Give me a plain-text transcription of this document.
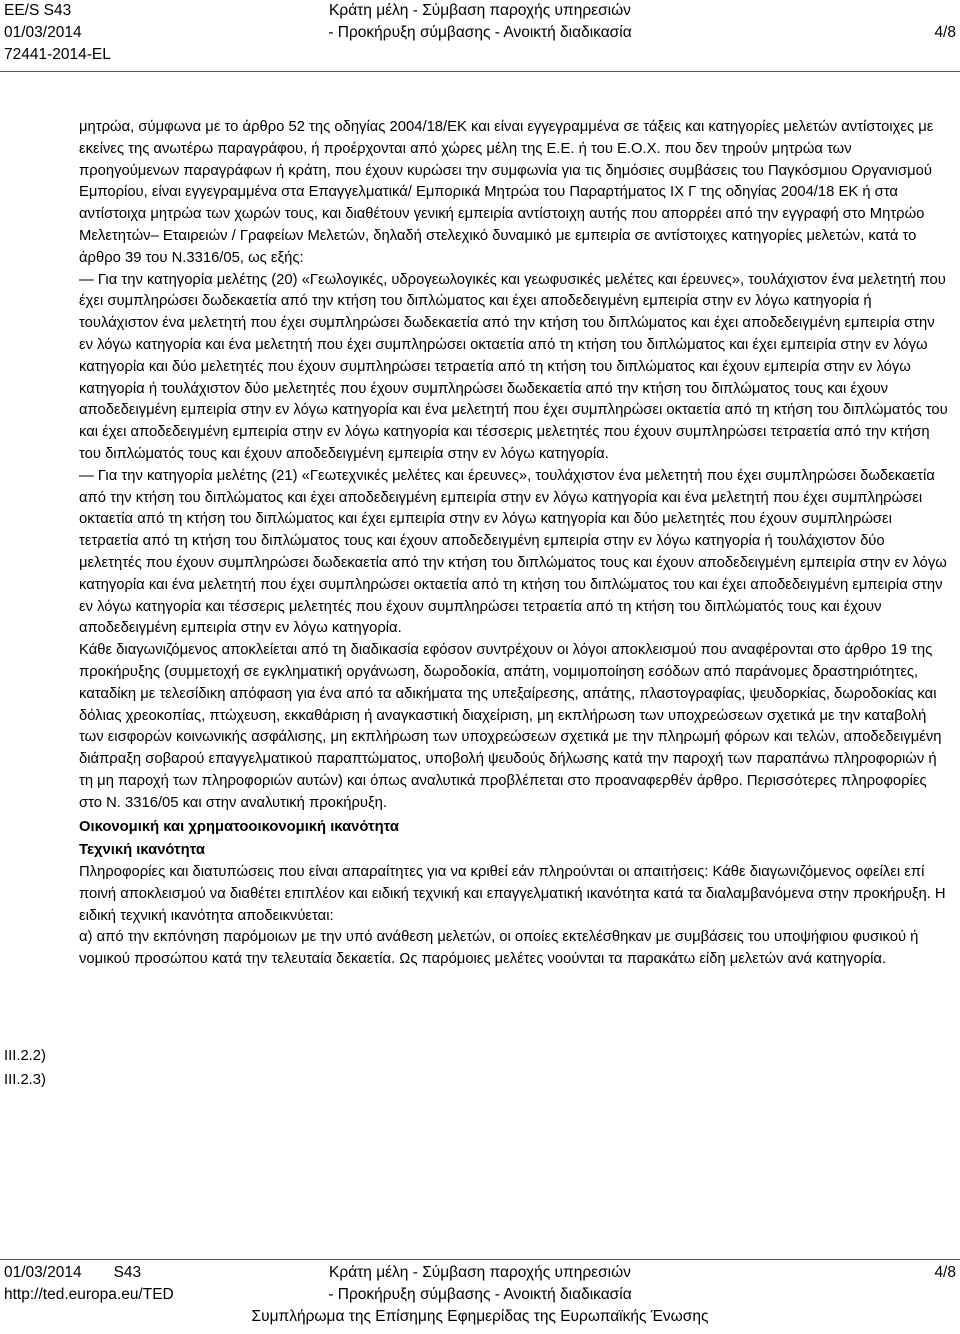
EE/S S43
01/03/2014
72441-2014-EL
Κράτη μέλη - Σύμβαση παροχής υπηρεσιών
- Προκήρυξη σύμβασης - Ανοικτή διαδικασία	4/8

μητρώα, σύμφωνα με το άρθρο 52 της οδηγίας 2004/18/ΕΚ και είναι εγγεγραμμένα σε τάξεις και κατηγορίες μελετών αντίστοιχες με εκείνες της ανωτέρω παραγράφου, ή προέρχονται από χώρες μέλη της Ε.Ε. ή του Ε.Ο.Χ. που δεν τηρούν μητρώα των προηγούμενων παραγράφων ή κράτη, που έχουν κυρώσει την συμφωνία για τις δημόσιες συμβάσεις του Παγκόσμιου Οργανισμού Εμπορίου, είναι εγγεγραμμένα στα Επαγγελματικά/ Εμπορικά Μητρώα του Παραρτήματος IX Γ της οδηγίας 2004/18 ΕΚ ή στα αντίστοιχα μητρώα των χωρών τους, και διαθέτουν γενική εμπειρία αντίστοιχη αυτής που απορρέει από την εγγραφή στο Μητρώο Μελετητών– Εταιρειών / Γραφείων Μελετών, δηλαδή στελεχικό δυναμικό με εμπειρία σε αντίστοιχες κατηγορίες μελετών, κατά το άρθρο 39 του Ν.3316/05, ως εξής:

— Για την κατηγορία μελέτης (20) «Γεωλογικές, υδρογεωλογικές και γεωφυσικές μελέτες και έρευνες», τουλάχιστον ένα μελετητή που έχει συμπληρώσει δωδεκαετία από την κτήση του διπλώματος και έχει αποδεδειγμένη εμπειρία στην εν λόγω κατηγορία ή τουλάχιστον ένα μελετητή που έχει συμπληρώσει δωδεκαετία από την κτήση του διπλώματος και έχει αποδεδειγμένη εμπειρία στην εν λόγω κατηγορία και ένα μελετητή που έχει συμπληρώσει οκταετία από τη κτήση του διπλώματος και έχει εμπειρία στην εν λόγω κατηγορία και δύο μελετητές που έχουν συμπληρώσει τετραετία από τη κτήση του διπλώματος και έχουν εμπειρία στην εν λόγω κατηγορία ή τουλάχιστον δύο μελετητές που έχουν συμπληρώσει δωδεκαετία από την κτήση του διπλώματος τους και έχουν αποδεδειγμένη εμπειρία στην εν λόγω κατηγορία και ένα μελετητή που έχει συμπληρώσει οκταετία από τη κτήση του διπλώματός του και έχει αποδεδειγμένη εμπειρία στην εν λόγω κατηγορία και τέσσερις μελετητές που έχουν συμπληρώσει τετραετία από την κτήση του διπλώματός τους και έχουν αποδεδειγμένη εμπειρία στην εν λόγω κατηγορία.

— Για την κατηγορία μελέτης (21) «Γεωτεχνικές μελέτες και έρευνες», τουλάχιστον ένα μελετητή που έχει συμπληρώσει δωδεκαετία από την κτήση του διπλώματος και έχει αποδεδειγμένη εμπειρία στην εν λόγω κατηγορία και ένα μελετητή που έχει συμπληρώσει οκταετία από τη κτήση του διπλώματος και έχει εμπειρία στην εν λόγω κατηγορία και δύο μελετητές που έχουν συμπληρώσει τετραετία από τη κτήση του διπλώματος τους και έχουν αποδεδειγμένη εμπειρία στην εν λόγω κατηγορία ή τουλάχιστον δύο μελετητές που έχουν συμπληρώσει δωδεκαετία από την κτήση του διπλώματος τους και έχουν αποδεδειγμένη εμπειρία στην εν λόγω κατηγορία και ένα μελετητή που έχει συμπληρώσει οκταετία από τη κτήση του διπλώματος του και έχει αποδεδειγμένη εμπειρία στην εν λόγω κατηγορία και τέσσερις μελετητές που έχουν συμπληρώσει τετραετία από τη κτήση του διπλώματός τους και έχουν αποδεδειγμένη εμπειρία στην εν λόγω κατηγορία.

Κάθε διαγωνιζόμενος αποκλείεται από τη διαδικασία εφόσον συντρέχουν οι λόγοι αποκλεισμού που αναφέρονται στο άρθρο 19 της προκήρυξης (συμμετοχή σε εγκληματική οργάνωση, δωροδοκία, απάτη, νομιμοποίηση εσόδων από παράνομες δραστηριότητες, καταδίκη με τελεσίδικη απόφαση για ένα από τα αδικήματα της υπεξαίρεσης, απάτης, πλαστογραφίας, ψευδορκίας, δωροδοκίας και δόλιας χρεοκοπίας, πτώχευση, εκκαθάριση ή αναγκαστική διαχείριση, μη εκπλήρωση των υποχρεώσεων σχετικά με την καταβολή των εισφορών κοινωνικής ασφάλισης, μη εκπλήρωση των υποχρεώσεων σχετικά με την πληρωμή φόρων και τελών, αποδεδειγμένη διάπραξη σοβαρού επαγγελματικού παραπτώματος, υποβολή ψευδούς δήλωσης κατά την παροχή των παραπάνω πληροφοριών ή τη μη παροχή των πληροφοριών αυτών) και όπως αναλυτικά προβλέπεται στο προαναφερθέν άρθρο. Περισσότερες πληροφορίες στο Ν. 3316/05 και στην αναλυτική προκήρυξη.

Οικονομική και χρηματοοικονομική ικανότητα

Τεχνική ικανότητα

Πληροφορίες και διατυπώσεις που είναι απαραίτητες για να κριθεί εάν πληρούνται οι απαιτήσεις: Κάθε διαγωνιζόμενος οφείλει επί ποινή αποκλεισμού να διαθέτει επιπλέον και ειδική τεχνική και επαγγελματική ικανότητα κατά τα διαλαμβανόμενα στην προκήρυξη. Η ειδική τεχνική ικανότητα αποδεικνύεται:

α) από την εκπόνηση παρόμοιων με την υπό ανάθεση μελετών, οι οποίες εκτελέσθηκαν με συμβάσεις του υποψήφιου φυσικού ή νομικού προσώπου κατά την τελευταία δεκαετία. Ως παρόμοιες μελέτες νοούνται τα παρακάτω είδη μελετών ανά κατηγορία.

III.2.2)
III.2.3)
01/03/2014 S43
http://ted.europa.eu/TED
Κράτη μέλη - Σύμβαση παροχής υπηρεσιών
- Προκήρυξη σύμβασης - Ανοικτή διαδικασία
Συμπλήρωμα της Επίσημης Εφημερίδας της Ευρωπαϊκής Ένωσης
4/8
